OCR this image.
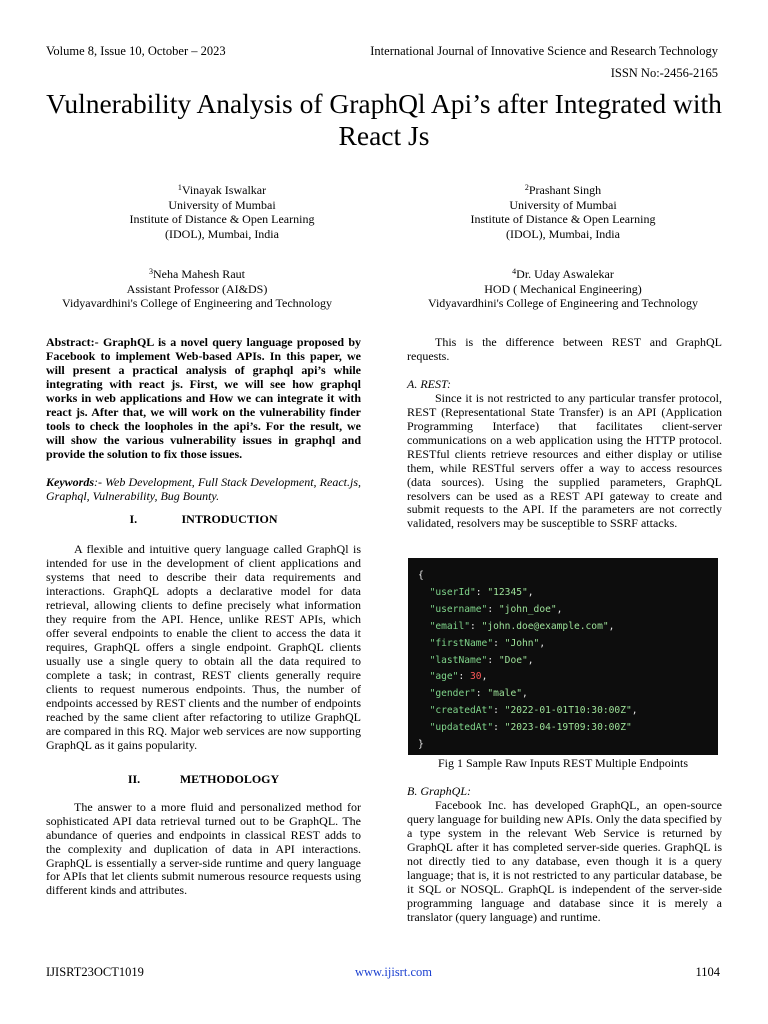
Volume 8, Issue 10, October – 2023	International Journal of Innovative Science and Research Technology
ISSN No:-2456-2165
Vulnerability Analysis of GraphQl Api’s after Integrated with React Js
$^1$Vinayak Iswalkar
University of Mumbai
Institute of Distance & Open Learning
(IDOL), Mumbai, India
$^2$Prashant Singh
University of Mumbai
Institute of Distance & Open Learning
(IDOL), Mumbai, India
$^3$Neha Mahesh Raut
Assistant Professor (AI&DS)
Vidyavardhini's College of Engineering and Technology
$^4$Dr. Uday Aswalekar
HOD ( Mechanical Engineering)
Vidyavardhini's College of Engineering and Technology

Abstract:- GraphQL is a novel query language proposed by Facebook to implement Web-based APIs. In this paper, we will present a practical analysis of graphql api’s while integrating with react js. First, we will see how graphql works in web applications and How we can integrate it with react js. After that, we will work on the vulnerability finder tools to check the loopholes in the api’s. For the result, we will show the various vulnerability issues in graphql and provide the solution to fix those issues.

Keywords:- Web Development, Full Stack Development, React.js, Graphql, Vulnerability, Bug Bounty.

I.	INTRODUCTION

A flexible and intuitive query language called GraphQl is intended for use in the development of client applications and systems that need to describe their data requirements and interactions. GraphQL adopts a declarative model for data retrieval, allowing clients to define precisely what information they require from the API. Hence, unlike REST APIs, which offer several endpoints to enable the client to access the data it requires, GraphQL offers a single endpoint. GraphQL clients usually use a single query to obtain all the data required to complete a task; in contrast, REST clients generally require clients to request numerous endpoints. Thus, the number of endpoints accessed by REST clients and the number of endpoints reached by the same client after refactoring to utilize GraphQL are compared in this RQ. Major web services are now supporting GraphQL as it gains popularity.

II.	METHODOLOGY

The answer to a more fluid and personalized method for sophisticated API data retrieval turned out to be GraphQL. The abundance of queries and endpoints in classical REST adds to the complexity and duplication of data in API interactions. GraphQL is essentially a server-side runtime and query language for APIs that let clients submit numerous resource requests using different kinds and attributes.

This is the difference between REST and GraphQL requests.

A. REST:

Since it is not restricted to any particular transfer protocol, REST (Representational State Transfer) is an API (Application Programming Interface) that facilitates client-server communications on a web application using the HTTP protocol. RESTful clients retrieve resources and either display or utilise them, while RESTful servers offer a way to access resources (data sources). Using the supplied parameters, GraphQL resolvers can be used as a REST API gateway to create and submit requests to the API. If the parameters are not correctly validated, resolvers may be susceptible to SSRF attacks.

{
"userId": "12345",
"username": "john_doe",
"email": "john.doe@example.com",
"firstName": "John",
"lastName": "Doe",
"age": 30,
"gender": "male",
"createdAt": "2022-01-01T10:30:00Z",
"updatedAt": "2023-04-19T09:30:00Z"
}
Fig 1 Sample Raw Inputs REST Multiple Endpoints

B. GraphQL:

Facebook Inc. has developed GraphQL, an open-source query language for building new APIs. Only the data specified by a type system in the relevant Web Service is returned by GraphQL after it has completed server-side queries. GraphQL is not directly tied to any database, even though it is a query language; that is, it is not restricted to any particular database, be it SQL or NOSQL. GraphQL is independent of the server-side programming language and database since it is merely a translator (query language) and runtime.

IJISRT23OCT1019	www.ijisrt.com	1104
